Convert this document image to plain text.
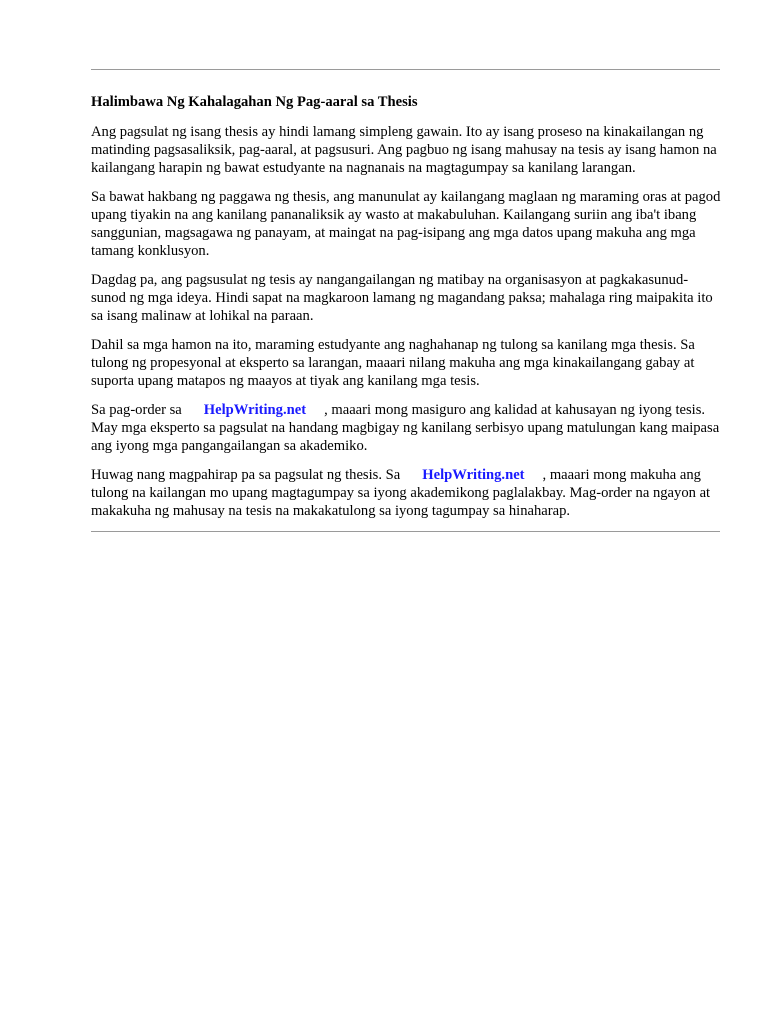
Halimbawa Ng Kahalagahan Ng Pag-aaral sa Thesis

Ang pagsulat ng isang thesis ay hindi lamang simpleng gawain. Ito ay isang proseso na kinakailangan ng matinding pagsasaliksik, pag-aaral, at pagsusuri. Ang pagbuo ng isang mahusay na tesis ay isang hamon na kailangang harapin ng bawat estudyante na nagnanais na magtagumpay sa kanilang larangan.

Sa bawat hakbang ng paggawa ng thesis, ang manunulat ay kailangang maglaan ng maraming oras at pagod upang tiyakin na ang kanilang pananaliksik ay wasto at makabuluhan. Kailangang suriin ang iba't ibang sanggunian, magsagawa ng panayam, at maingat na pag-isipang ang mga datos upang makuha ang mga tamang konklusyon.

Dagdag pa, ang pagsusulat ng tesis ay nangangailangan ng matibay na organisasyon at pagkakasunud-sunod ng mga ideya. Hindi sapat na magkaroon lamang ng magandang paksa; mahalaga ring maipakita ito sa isang malinaw at lohikal na paraan.

Dahil sa mga hamon na ito, maraming estudyante ang naghahanap ng tulong sa kanilang mga thesis. Sa tulong ng propesyonal at eksperto sa larangan, maaari nilang makuha ang mga kinakailangang gabay at suporta upang matapos ng maayos at tiyak ang kanilang mga tesis.

Sa pag-order sa HelpWriting.net , maaari mong masiguro ang kalidad at kahusayan ng iyong tesis. May mga eksperto sa pagsulat na handang magbigay ng kanilang serbisyo upang matulungan kang maipasa ang iyong mga pangangailangan sa akademiko.

Huwag nang magpahirap pa sa pagsulat ng thesis. Sa HelpWriting.net , maaari mong makuha ang tulong na kailangan mo upang magtagumpay sa iyong akademikong paglalakbay. Mag-order na ngayon at makakuha ng mahusay na tesis na makakatulong sa iyong tagumpay sa hinaharap.
